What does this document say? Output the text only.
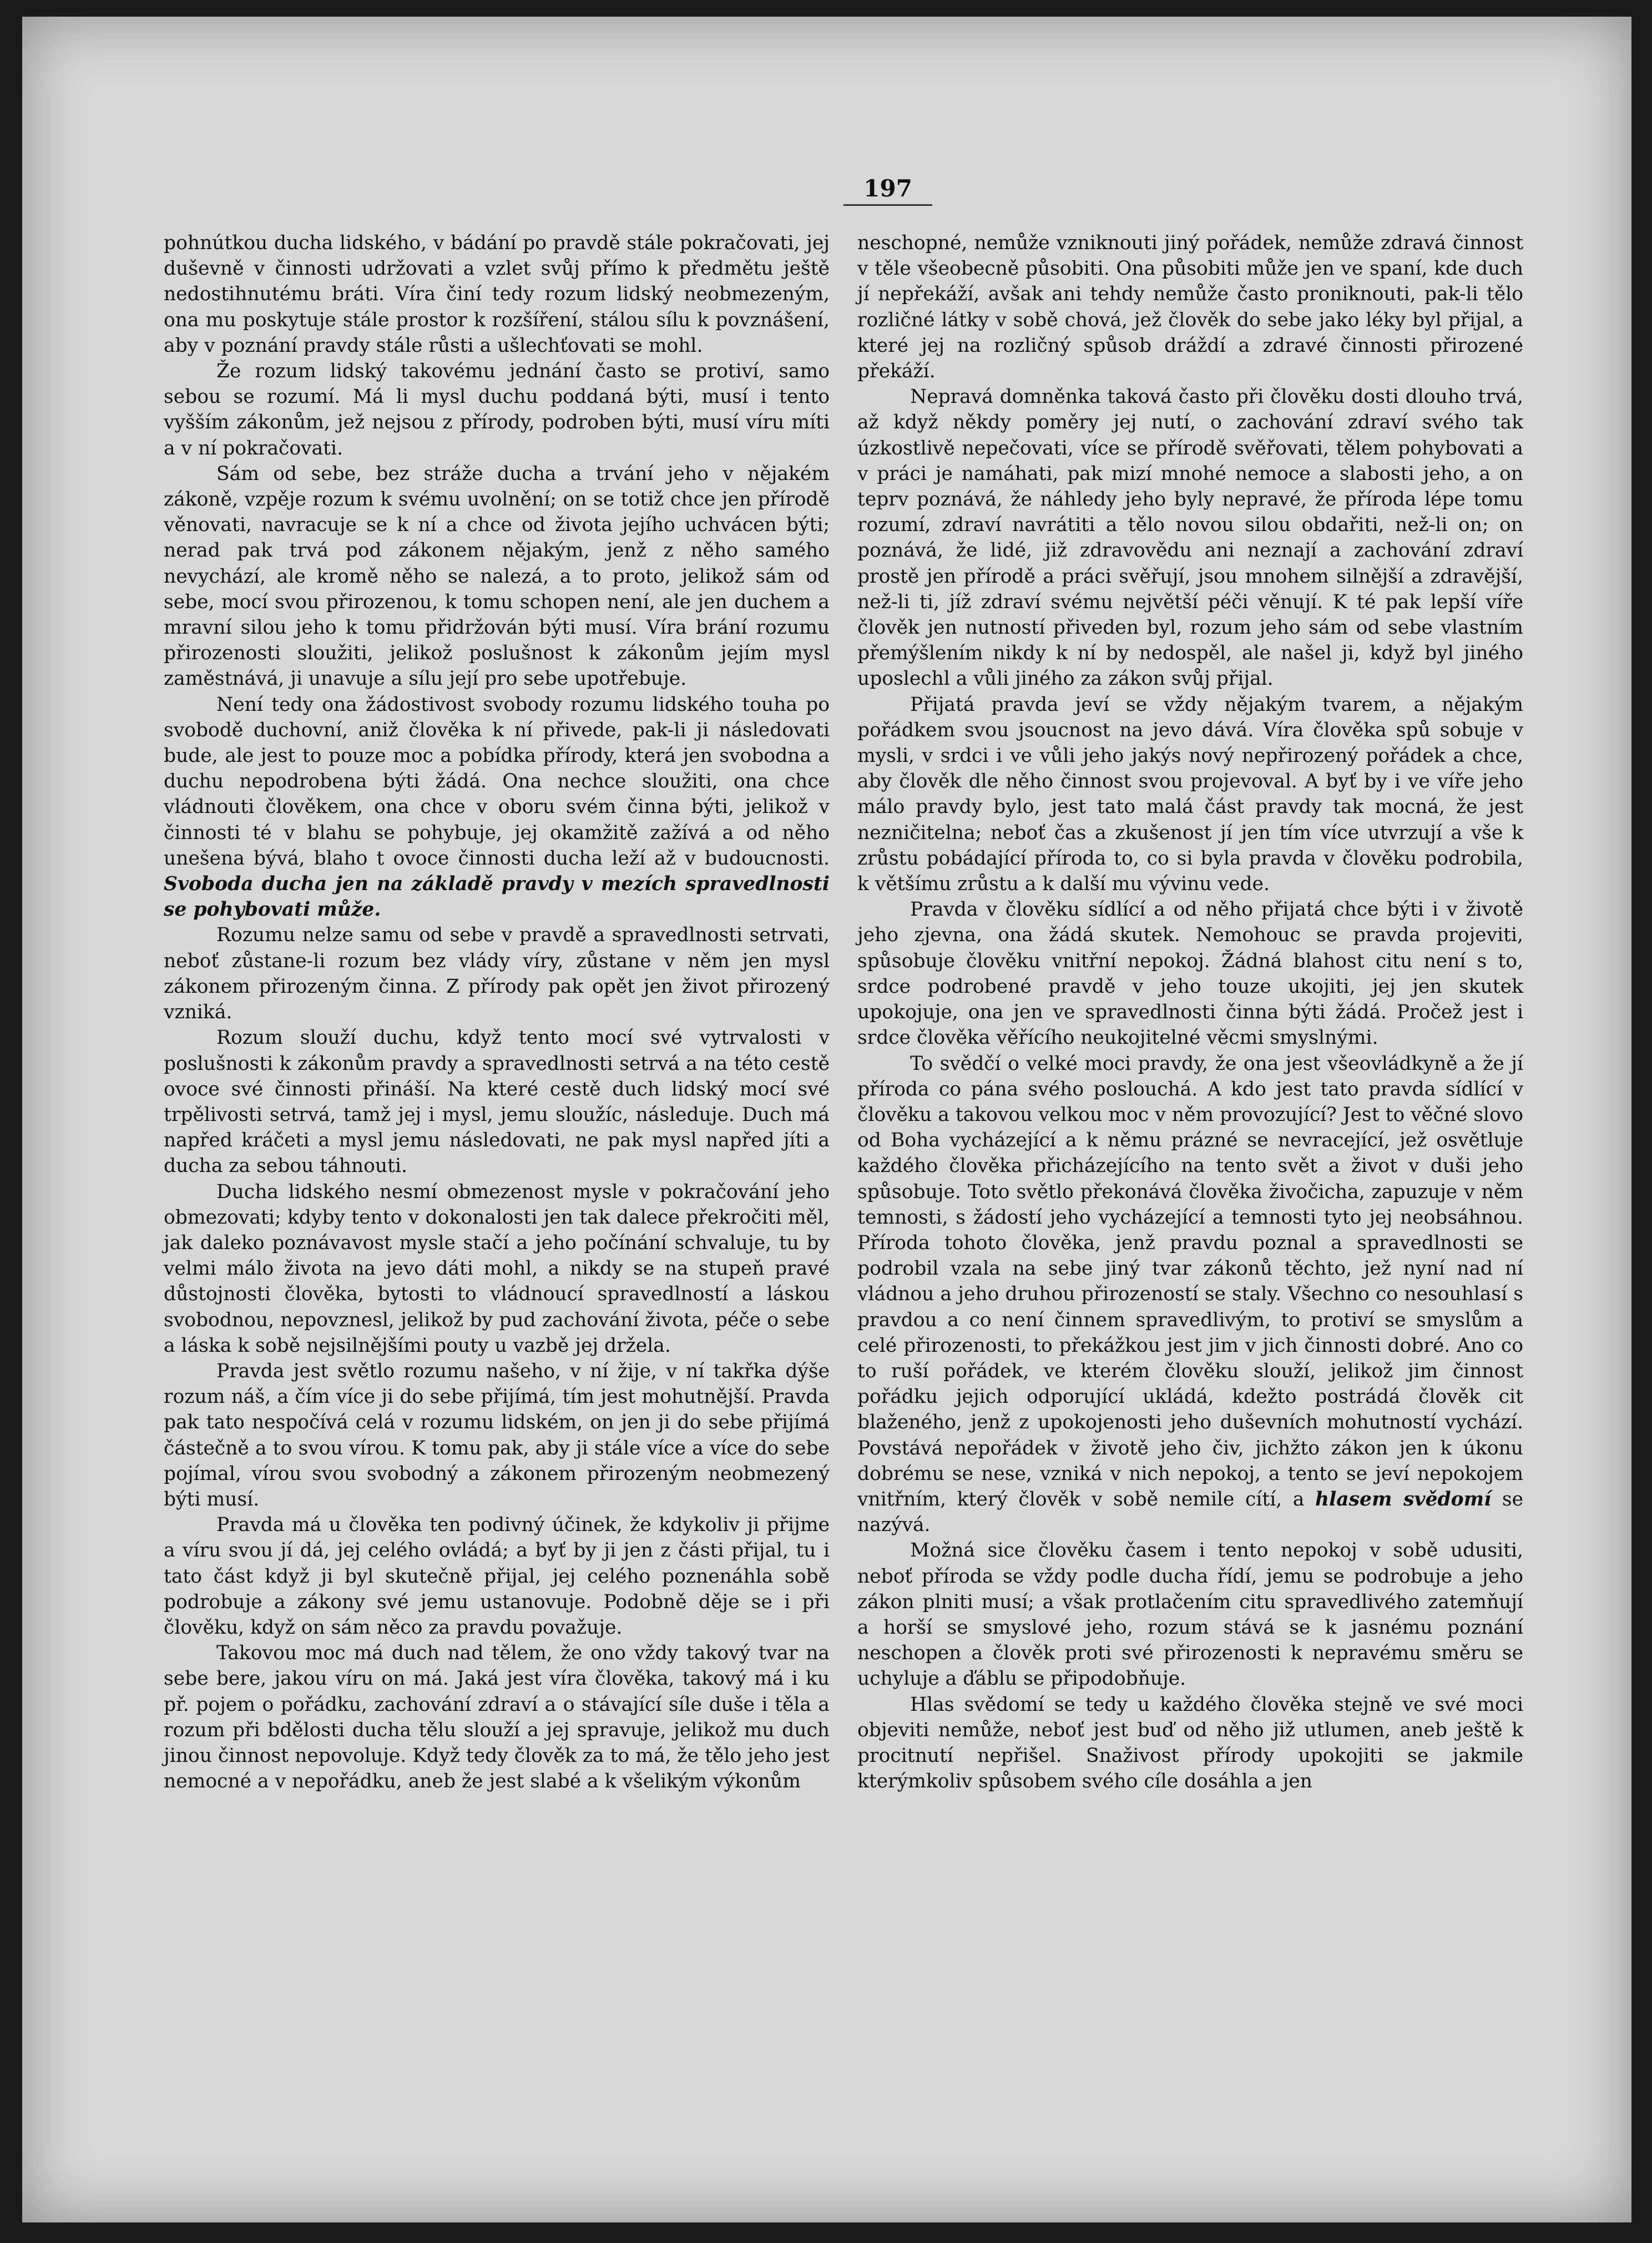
197

pohnútkou ducha lidského, v bádání po pravdě stále pokračovati, jej duševně v činnosti udržovati a vzlet svůj přímo k předmětu ještě nedostihnutému bráti. Víra činí tedy rozum lidský neobmezeným, ona mu poskytuje stále prostor k rozšíření, stálou sílu k povznášení, aby v poznání pravdy stále růsti a ušlechťovati se mohl.

Že rozum lidský takovému jednání často se protiví, samo sebou se rozumí. Má li mysl duchu poddaná býti, musí i tento vyšším zákonům, jež nejsou z přírody, podroben býti, musí víru míti a v ní pokračovati.

Sám od sebe, bez stráže ducha a trvání jeho v nějakém zákoně, vzpěje rozum k svému uvolnění; on se totiž chce jen přírodě věnovati, navracuje se k ní a chce od života jejího uchvácen býti; nerad pak trvá pod zákonem nějakým, jenž z něho samého nevychází, ale kromě něho se nalezá, a to proto, jelikož sám od sebe, mocí svou přirozenou, k tomu schopen není, ale jen duchem a mravní silou jeho k tomu přidržován býti musí. Víra brání rozumu přirozenosti sloužiti, jelikož poslušnost k zákonům jejím mysl zaměstnává, ji unavuje a sílu její pro sebe upotřebuje.

Není tedy ona žádostivost svobody rozumu lidského touha po svobodě duchovní, aniž člověka k ní přivede, pak-li ji následovati bude, ale jest to pouze moc a pobídka přírody, která jen svobodna a duchu nepodrobena býti žádá. Ona nechce sloužiti, ona chce vládnouti člověkem, ona chce v oboru svém činna býti, jelikož v činnosti té v blahu se pohybuje, jej okamžitě zažívá a od něho unešena bývá, blaho t ovoce činnosti ducha leží až v budoucnosti. Svoboda ducha jen na základě pravdy v mezích spravedlnosti se pohybovati může.

Rozumu nelze samu od sebe v pravdě a spravedlnosti setrvati, neboť zůstane-li rozum bez vlády víry, zůstane v něm jen mysl zákonem přirozeným činna. Z přírody pak opět jen život přirozený vzniká.

Rozum slouží duchu, když tento mocí své vytrvalosti v poslušnosti k zákonům pravdy a spravedlnosti setrvá a na této cestě ovoce své činnosti přináší. Na které cestě duch lidský mocí své trpělivosti setrvá, tamž jej i mysl, jemu sloužíc, následuje. Duch má napřed kráčeti a mysl jemu následovati, ne pak mysl napřed jíti a ducha za sebou táhnouti.

Ducha lidského nesmí obmezenost mysle v pokračování jeho obmezovati; kdyby tento v dokonalosti jen tak dalece překročiti měl, jak daleko poznávavost mysle stačí a jeho počínání schvaluje, tu by velmi málo života na jevo dáti mohl, a nikdy se na stupeň pravé důstojnosti člověka, bytosti to vládnoucí spravedlností a láskou svobodnou, nepovznesl, jelikož by pud zachování života, péče o sebe a láska k sobě nejsilnějšími pouty u vazbě jej držela.

Pravda jest světlo rozumu našeho, v ní žije, v ní takřka dýše rozum náš, a čím více ji do sebe přijímá, tím jest mohutnější. Pravda pak tato nespočívá celá v rozumu lidském, on jen ji do sebe přijímá částečně a to svou vírou. K tomu pak, aby ji stále více a více do sebe pojímal, vírou svou svobodný a zákonem přirozeným neobmezený býti musí.

Pravda má u člověka ten podivný účinek, že kdykoliv ji přijme a víru svou jí dá, jej celého ovládá; a byť by ji jen z části přijal, tu i tato část když ji byl skutečně přijal, jej celého poznenáhla sobě podrobuje a zákony své jemu ustanovuje. Podobně děje se i při člověku, když on sám něco za pravdu považuje.

Takovou moc má duch nad tělem, že ono vždy takový tvar na sebe bere, jakou víru on má. Jaká jest víra člověka, takový má i ku př. pojem o pořádku, zachování zdraví a o stávající síle duše i těla a rozum při bdělosti ducha tělu slouží a jej spravuje, jelikož mu duch jinou činnost nepovoluje. Když tedy člověk za to má, že tělo jeho jest nemocné a v nepořádku, aneb že jest slabé a k všelikým výkonům

neschopné, nemůže vzniknouti jiný pořádek, nemůže zdravá činnost v těle všeobecně působiti. Ona působiti může jen ve spaní, kde duch jí nepřekáží, avšak ani tehdy nemůže často proniknouti, pak-li tělo rozličné látky v sobě chová, jež člověk do sebe jako léky byl přijal, a které jej na rozličný spůsob dráždí a zdravé činnosti přirozené překáží.

Nepravá domněnka taková často při člověku dosti dlouho trvá, až když někdy poměry jej nutí, o zachování zdraví svého tak úzkostlivě nepečovati, více se přírodě svěřovati, tělem pohybovati a v práci je namáhati, pak mizí mnohé nemoce a slabosti jeho, a on teprv poznává, že náhledy jeho byly nepravé, že příroda lépe tomu rozumí, zdraví navrátiti a tělo novou silou obdařiti, než-li on; on poznává, že lidé, již zdravovědu ani neznají a zachování zdraví prostě jen přírodě a práci svěřují, jsou mnohem silnější a zdravější, než-li ti, jíž zdraví svému největší péči věnují. K té pak lepší víře člověk jen nutností přiveden byl, rozum jeho sám od sebe vlastním přemýšlením nikdy k ní by nedospěl, ale našel ji, když byl jiného uposlechl a vůli jiného za zákon svůj přijal.

Přijatá pravda jeví se vždy nějakým tvarem, a nějakým pořádkem svou jsoucnost na jevo dává. Víra člověka spů sobuje v mysli, v srdci i ve vůli jeho jakýs nový nepřirozený pořádek a chce, aby člověk dle něho činnost svou projevoval. A byť by i ve víře jeho málo pravdy bylo, jest tato malá část pravdy tak mocná, že jest nezničitelna; neboť čas a zkušenost jí jen tím více utvrzují a vše k zrůstu pobádající příroda to, co si byla pravda v člověku podrobila, k většímu zrůstu a k další mu vývinu vede.

Pravda v člověku sídlící a od něho přijatá chce býti i v životě jeho zjevna, ona žádá skutek. Nemohouc se pravda projeviti, spůsobuje člověku vnitřní nepokoj. Žádná blahost citu není s to, srdce podrobené pravdě v jeho touze ukojiti, jej jen skutek upokojuje, ona jen ve spravedlnosti činna býti žádá. Pročež jest i srdce člověka věřícího neukojitelné věcmi smyslnými.

To svědčí o velké moci pravdy, že ona jest všeovládkyně a že jí příroda co pána svého poslouchá. A kdo jest tato pravda sídlící v člověku a takovou velkou moc v něm provozující? Jest to věčné slovo od Boha vycházející a k němu prázné se nevracející, jež osvětluje každého člověka přicházejícího na tento svět a život v duši jeho spůsobuje. Toto světlo překonává člověka živočicha, zapuzuje v něm temnosti, s žádostí jeho vycházející a temnosti tyto jej neobsáhnou. Příroda tohoto člověka, jenž pravdu poznal a spravedlnosti se podrobil vzala na sebe jiný tvar zákonů těchto, jež nyní nad ní vládnou a jeho druhou přirozeností se staly. Všechno co nesouhlasí s pravdou a co není činnem spravedlivým, to protiví se smyslům a celé přirozenosti, to překážkou jest jim v jich činnosti dobré. Ano co to ruší pořádek, ve kterém člověku slouží, jelikož jim činnost pořádku jejich odporující ukládá, kdežto postrádá člověk cit blaženého, jenž z upokojenosti jeho duševních mohutností vychází. Povstává nepořádek v životě jeho čiv, jichžto zákon jen k úkonu dobrému se nese, vzniká v nich nepokoj, a tento se jeví nepokojem vnitřním, který člověk v sobě nemile cítí, a hlasem svědomí se nazývá.

Možná sice člověku časem i tento nepokoj v sobě udusiti, neboť příroda se vždy podle ducha řídí, jemu se podrobuje a jeho zákon plniti musí; a však protlačením citu spravedlivého zatemňují a horší se smyslové jeho, rozum stává se k jasnému poznání neschopen a člověk proti své přirozenosti k nepravému směru se uchyluje a ďáblu se připodobňuje.

Hlas svědomí se tedy u každého člověka stejně ve své moci objeviti nemůže, neboť jest buď od něho již utlumen, aneb ještě k procitnutí nepřišel. Snaživost přírody upokojiti se jakmile kterýmkoliv spůsobem svého cíle dosáhla a jen
